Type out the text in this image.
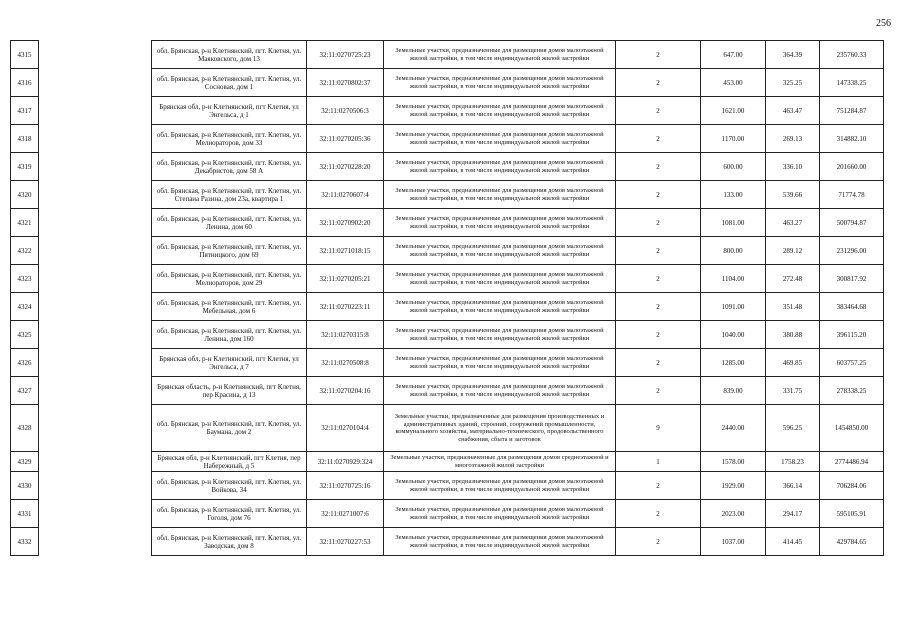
256
4315		обл. Брянская, р-н Клетнянский, пгт. Клетня, ул. Маяковского, дом 13	32:11:0270725:23	Земельные участки, предназначенные для размещения домов малоэтажной жилой застройки, в том числе индивидуальной жилой застройки	2	647.00	364.39	235760.33
4316		обл. Брянская, р-н Клетнянский, пгт. Клетня, ул. Сосновая, дом 1	32:11:0270802:37	Земельные участки, предназначенные для размещения домов малоэтажной жилой застройки, в том числе индивидуальной жилой застройки	2	453.00	325.25	147338.25
4317		Брянская обл, р-н Клетнянский, пгт Клетня, ул Энгельса, д 1	32:11:0270506:3	Земельные участки, предназначенные для размещения домов малоэтажной жилой застройки, в том числе индивидуальной жилой застройки	2	1621.00	463.47	751284.87
4318		обл. Брянская, р-н Клетнянский, пгт. Клетня, ул. Мелиораторов, дом 33	32:11:0270205:36	Земельные участки, предназначенные для размещения домов малоэтажной жилой застройки, в том числе индивидуальной жилой застройки	2	1170.00	269.13	314882.10
4319		обл. Брянская, р-н Клетнянский, пгт. Клетня, ул. Декабристов, дом 58 А	32:11:0270228:20	Земельные участки, предназначенные для размещения домов малоэтажной жилой застройки, в том числе индивидуальной жилой застройки	2	600.00	336.10	201660.00
4320		обл. Брянская, р-н Клетнянский, пгт. Клетня, ул. Степана Разина, дом 23а, квартира 1	32:11:0270607:4	Земельные участки, предназначенные для размещения домов малоэтажной жилой застройки, в том числе индивидуальной жилой застройки	2	133.00	539.66	71774.78
4321		обл. Брянская, р-н Клетнянский, пгт. Клетня, ул. Ленина, дом 60	32:11:0270902:20	Земельные участки, предназначенные для размещения домов малоэтажной жилой застройки, в том числе индивидуальной жилой застройки	2	1081.00	463.27	500794.87
4322		обл. Брянская, р-н Клетнянский, пгт. Клетня, ул. Пятницкого, дом 69	32:11:0271018:15	Земельные участки, предназначенные для размещения домов малоэтажной жилой застройки, в том числе индивидуальной жилой застройки	2	800.00	289.12	231296.00
4323		обл. Брянская, р-н Клетнянский, пгт. Клетня, ул. Мелиораторов, дом 29	32:11:0270205:21	Земельные участки, предназначенные для размещения домов малоэтажной жилой застройки, в том числе индивидуальной жилой застройки	2	1104.00	272.48	300817.92
4324		обл. Брянская, р-н Клетнянский, пгт. Клетня, ул. Мебельная, дом 6	32:11:0270223:11	Земельные участки, предназначенные для размещения домов малоэтажной жилой застройки, в том числе индивидуальной жилой застройки	2	1091.00	351.48	383464.68
4325		обл. Брянская, р-н Клетнянский, пгт. Клетня, ул. Ленина, дом 160	32:11:0270315:8	Земельные участки, предназначенные для размещения домов малоэтажной жилой застройки, в том числе индивидуальной жилой застройки	2	1040.00	380.88	396115.20
4326		Брянская обл, р-н Клетнянский, пгт Клетня, ул Энгельса, д 7	32:11:0270508:8	Земельные участки, предназначенные для размещения домов малоэтажной жилой застройки, в том числе индивидуальной жилой застройки	2	1285.00	469.85	603757.25
4327		Брянская область, р-н Клетнянский, пгт Клетня, пер Красина, д 13	32:11:0270204:16	Земельные участки, предназначенные для размещения домов малоэтажной жилой застройки, в том числе индивидуальной жилой застройки	2	839.00	331.75	278338.25
4328		обл. Брянская, р-н Клетнянский, пгт. Клетня, ул. Баумана, дом 2	32:11:0270104:4	Земельные участки, предназначенные для размещения производственных и административных зданий, строений, сооружений промышленности, коммунального хозяйства, материально-технического, продовольственного снабжения, сбыта и заготовок	9	2440.00	596.25	1454850.00
4329		Брянская обл, р-н Клетнянский, пгт Клетня, пер Набережный, д 5	32:11:0270929:324	Земельные участки, предназначенные для размещения домов среднеэтажной и многоэтажной жилой застройки	1	1578.00	1758.23	2774486.94
4330		обл. Брянская, р-н Клетнянский, пгт. Клетня, ул. Войкова, 34	32:11:0270725:16	Земельные участки, предназначенные для размещения домов малоэтажной жилой застройки, в том числе индивидуальной жилой застройки	2	1929.00	366.14	706284.06
4331		обл. Брянская, р-н Клетнянский, пгт. Клетня, ул. Гоголя, дом 76	32:11:0271007:6	Земельные участки, предназначенные для размещения домов малоэтажной жилой застройки, в том числе индивидуальной жилой застройки	2	2023.00	294.17	595105.91
4332		обл. Брянская, р-н Клетнянский, пгт. Клетня, ул. Заводская, дом 8	32:11:0270227:53	Земельные участки, предназначенные для размещения домов малоэтажной жилой застройки, в том числе индивидуальной жилой застройки	2	1037.00	414.45	429784.65
